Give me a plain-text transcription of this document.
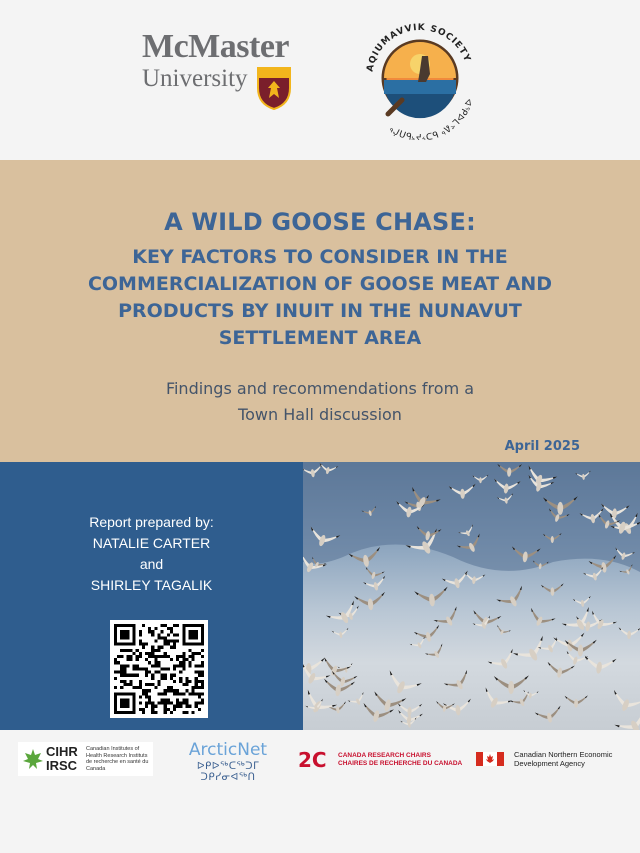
McMaster
University	AQIUMAVVIK SOCIETY
ᐊᕿᐅᒪᕝᕕᒃ ᑲᑐᔾᔨᖃᑎᒌᒃ
A WILD GOOSE CHASE:
KEY FACTORS TO CONSIDER IN THE COMMERCIALIZATION OF GOOSE MEAT AND PRODUCTS BY INUIT IN THE NUNAVUT SETTLEMENT AREA
Findings and recommendations from a
Town Hall discussion
April 2025
Report prepared by:
NATALIE CARTER
and
SHIRLEY TAGALIK
CIHR
IRSC
Canadian Institutes of Health Research Instituts de recherche en santé du Canada
ArcticNet
ᐅᑭᐅᖅᑕᖅᑐᒥ ᑐᑭᓯᓂᐊᖅᑎ
2C CANADA RESEARCH CHAIRS
CHAIRES DE RECHERCHE DU CANADA
Canadian Northern Economic
Development Agency
